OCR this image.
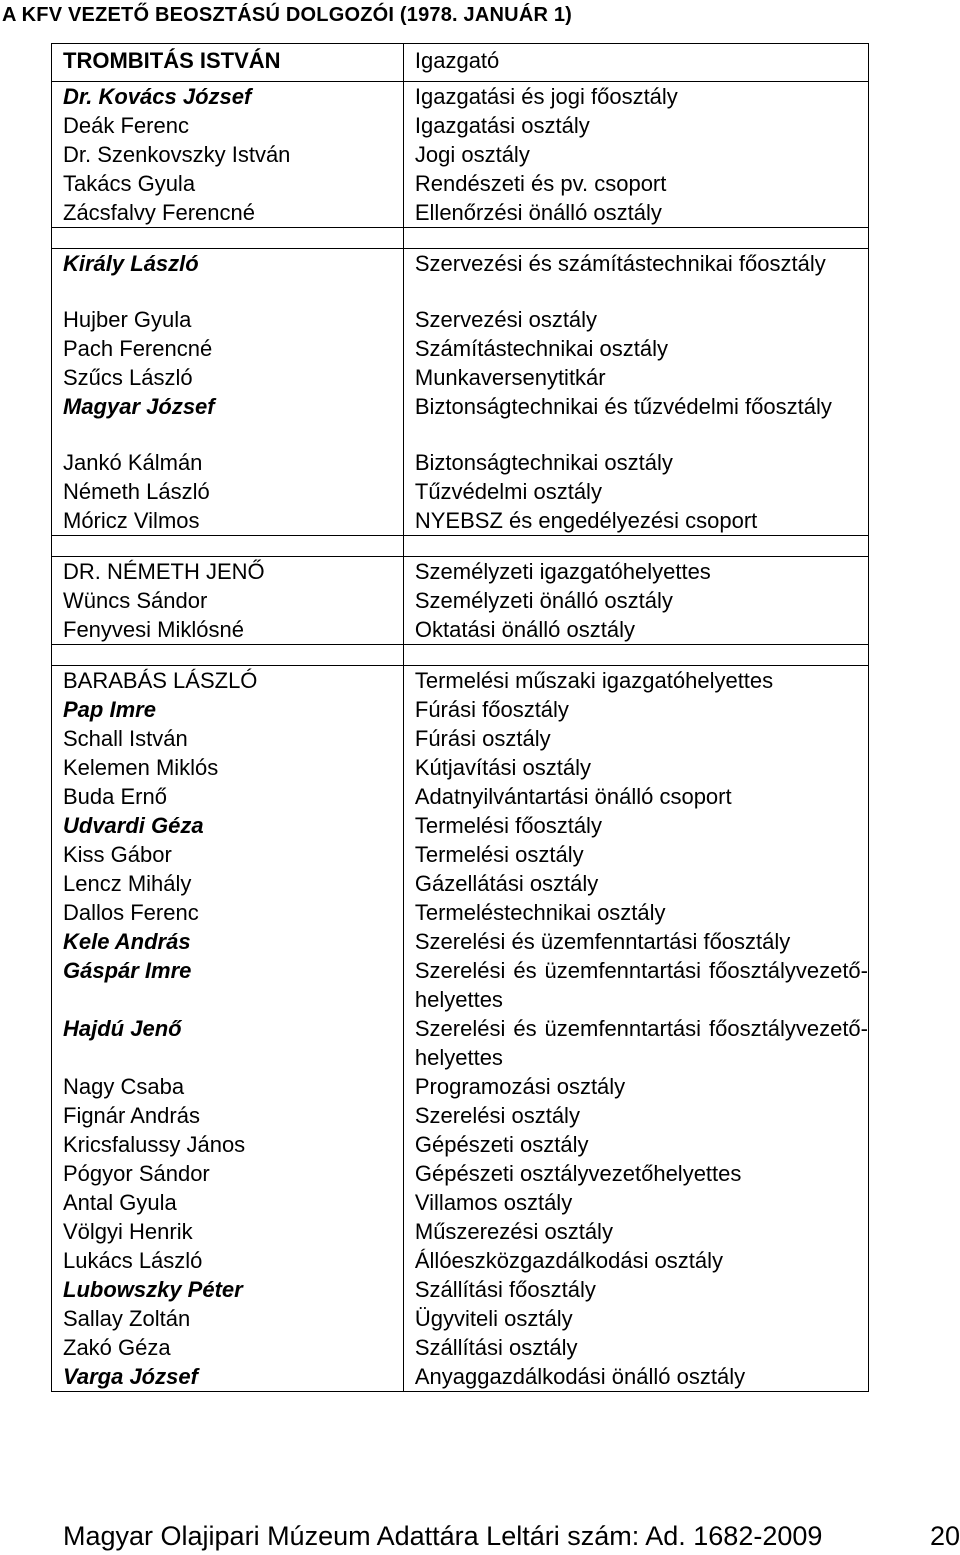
A KFV VEZETŐ BEOSZTÁSÚ DOLGOZÓI (1978. JANUÁR 1)
TROMBITÁS ISTVÁN	Igazgató
Dr. Kovács József	Igazgatási és jogi főosztály
Deák Ferenc	Igazgatási osztály
Dr. Szenkovszky István	Jogi osztály
Takács Gyula	Rendészeti és pv. csoport
Zácsfalvy Ferencné	Ellenőrzési önálló osztály

Király László	Szervezési és számítástechnikai főosztály
Hujber Gyula	Szervezési osztály
Pach Ferencné	Számítástechnikai osztály
Szűcs László	Munkaversenytitkár
Magyar József	Biztonságtechnikai és tűzvédelmi főosztály
Jankó Kálmán	Biztonságtechnikai osztály
Németh László	Tűzvédelmi osztály
Móricz Vilmos	NYEBSZ és engedélyezési csoport

DR. NÉMETH JENŐ	Személyzeti igazgatóhelyettes
Wüncs Sándor	Személyzeti önálló osztály
Fenyvesi Miklósné	Oktatási önálló osztály

BARABÁS LÁSZLÓ	Termelési műszaki igazgatóhelyettes
Pap Imre	Fúrási főosztály
Schall István	Fúrási osztály
Kelemen Miklós	Kútjavítási osztály
Buda Ernő	Adatnyilvántartási önálló csoport
Udvardi Géza	Termelési főosztály
Kiss Gábor	Termelési osztály
Lencz Mihály	Gázellátási osztály
Dallos Ferenc	Termeléstechnikai osztály
Kele András	Szerelési és üzemfenntartási főosztály
Gáspár Imre	Szerelési és üzemfenntartási főosztályvezető-helyettes
Hajdú Jenő	Szerelési és üzemfenntartási főosztályvezető- helyettes
Nagy Csaba	Programozási osztály
Fignár András	Szerelési osztály
Kricsfalussy János	Gépészeti osztály
Pógyor Sándor	Gépészeti osztályvezetőhelyettes
Antal Gyula	Villamos osztály
Völgyi Henrik	Műszerezési osztály
Lukács László	Állóeszközgazdálkodási osztály
Lubowszky Péter	Szállítási főosztály
Sallay Zoltán	Ügyviteli osztály
Zakó Géza	Szállítási osztály
Varga József	Anyaggazdálkodási önálló osztály
Magyar Olajipari Múzeum Adattára Leltári szám: Ad. 1682-2009	20
